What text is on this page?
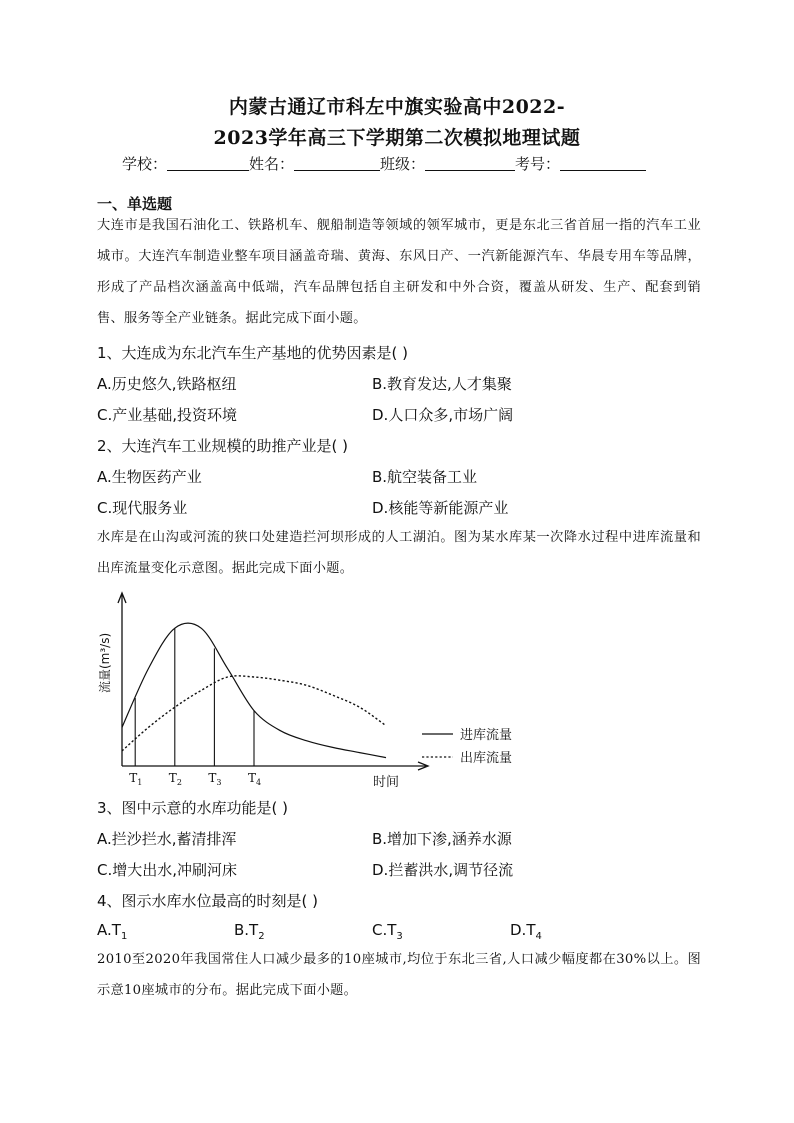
内蒙古通辽市科左中旗实验高中2022-
2023学年高三下学期第二次模拟地理试题
学校：	姓名：	班级：	考号：
一、单选题
大连市是我国石油化工、铁路机车、舰船制造等领域的领军城市，更是东北三省首屈一指的汽车工业城市。大连汽车制造业整车项目涵盖奇瑞、黄海、东风日产、一汽新能源汽车、华晨专用车等品牌，形成了产品档次涵盖高中低端，汽车品牌包括自主研发和中外合资，覆盖从研发、生产、配套到销售、服务等全产业链条。据此完成下面小题。
1、大连成为东北汽车生产基地的优势因素是( )
A.历史悠久,铁路枢纽	B.教育发达,人才集聚
C.产业基础,投资环境	D.人口众多,市场广阔
2、大连汽车工业规模的助推产业是( )
A.生物医药产业	B.航空装备工业
C.现代服务业	D.核能等新能源产业
水库是在山沟或河流的狭口处建造拦河坝形成的人工湖泊。图为某水库某一次降水过程中进库流量和出库流量变化示意图。据此完成下面小题。
$T_1$ $T_2$ $T_3$ $T_4$	时间
流量(m³/s)
进库流量
出库流量
3、图中示意的水库功能是( )
A.拦沙拦水,蓄清排浑	B.增加下渗,涵养水源
C.增大出水,冲刷河床	D.拦蓄洪水,调节径流
4、图示水库水位最高的时刻是( )
$A.T_1$	$B.T_2$	$C.T_3$	$D.T_4$
2010至2020年我国常住人口减少最多的10座城市,均位于东北三省,人口减少幅度都在30%以上。图示意10座城市的分布。据此完成下面小题。
